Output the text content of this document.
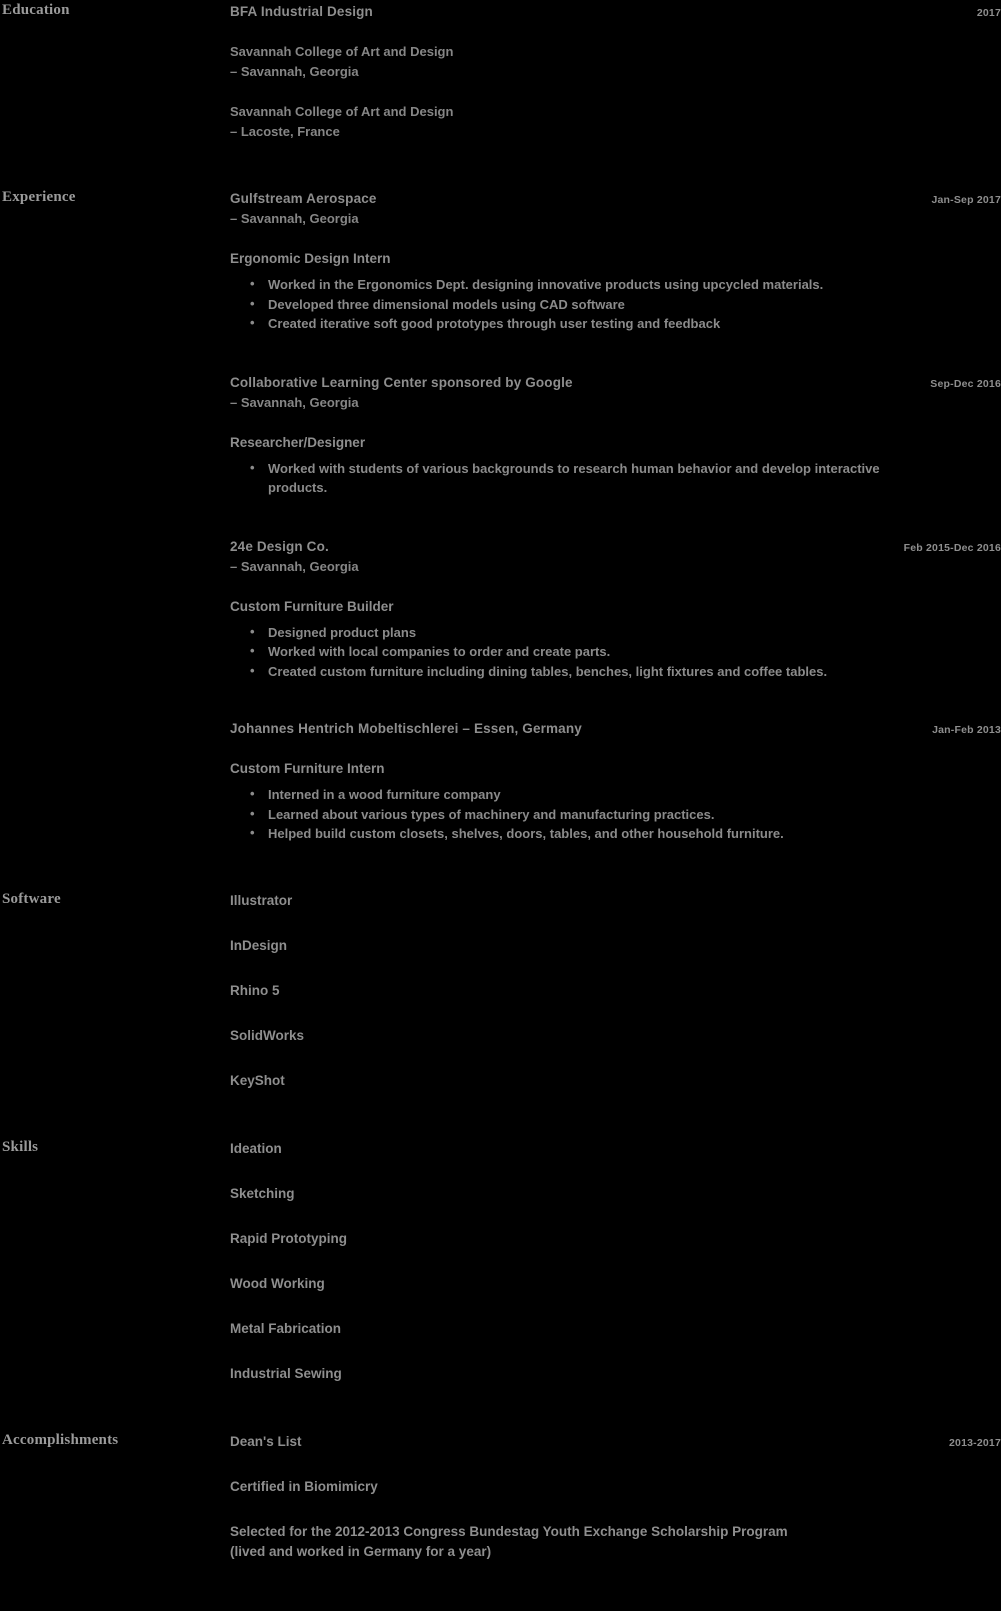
Education	BFA Industrial Design	2017
Savannah College of Art and Design
– Savannah, Georgia
Savannah College of Art and Design
– Lacoste, France
Experience	Gulfstream Aerospace	Jan-Sep 2017
– Savannah, Georgia
Ergonomic Design Intern
• Worked in the Ergonomics Dept. designing innovative products using upcycled materials.
• Developed three dimensional models using CAD software
• Created iterative soft good prototypes through user testing and feedback
Collaborative Learning Center sponsored by Google	Sep-Dec 2016
– Savannah, Georgia
Researcher/Designer
• Worked with students of various backgrounds to research human behavior and develop interactive products.
24e Design Co.	Feb 2015-Dec 2016
– Savannah, Georgia
Custom Furniture Builder
• Designed product plans
• Worked with local companies to order and create parts.
• Created custom furniture including dining tables, benches, light fixtures and coffee tables.
Johannes Hentrich Mobeltischlerei – Essen, Germany	Jan-Feb 2013
Custom Furniture Intern
• Interned in a wood furniture company
• Learned about various types of machinery and manufacturing practices.
• Helped build custom closets, shelves, doors, tables, and other household furniture.
Software	Illustrator
InDesign
Rhino 5
SolidWorks
KeyShot
Skills	Ideation
Sketching
Rapid Prototyping
Wood Working
Metal Fabrication
Industrial Sewing
Accomplishments	Dean's List	2013-2017
Certified in Biomimicry
Selected for the 2012-2013 Congress Bundestag Youth Exchange Scholarship Program
(lived and worked in Germany for a year)
